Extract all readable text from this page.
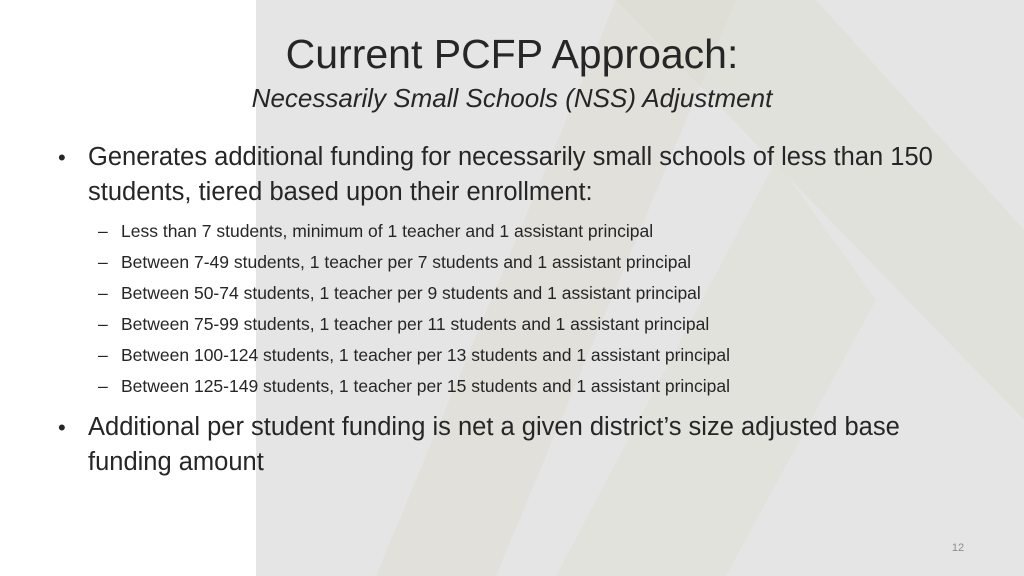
Current PCFP Approach:
Necessarily Small Schools (NSS) Adjustment
• Generates additional funding for necessarily small schools of less than 150 students, tiered based upon their enrollment:
– Less than 7 students, minimum of 1 teacher and 1 assistant principal
– Between 7-49 students, 1 teacher per 7 students and 1 assistant principal
– Between 50-74 students, 1 teacher per 9 students and 1 assistant principal
– Between 75-99 students, 1 teacher per 11 students and 1 assistant principal
– Between 100-124 students, 1 teacher per 13 students and 1 assistant principal
– Between 125-149 students, 1 teacher per 15 students and 1 assistant principal
• Additional per student funding is net a given district’s size adjusted base funding amount
12
